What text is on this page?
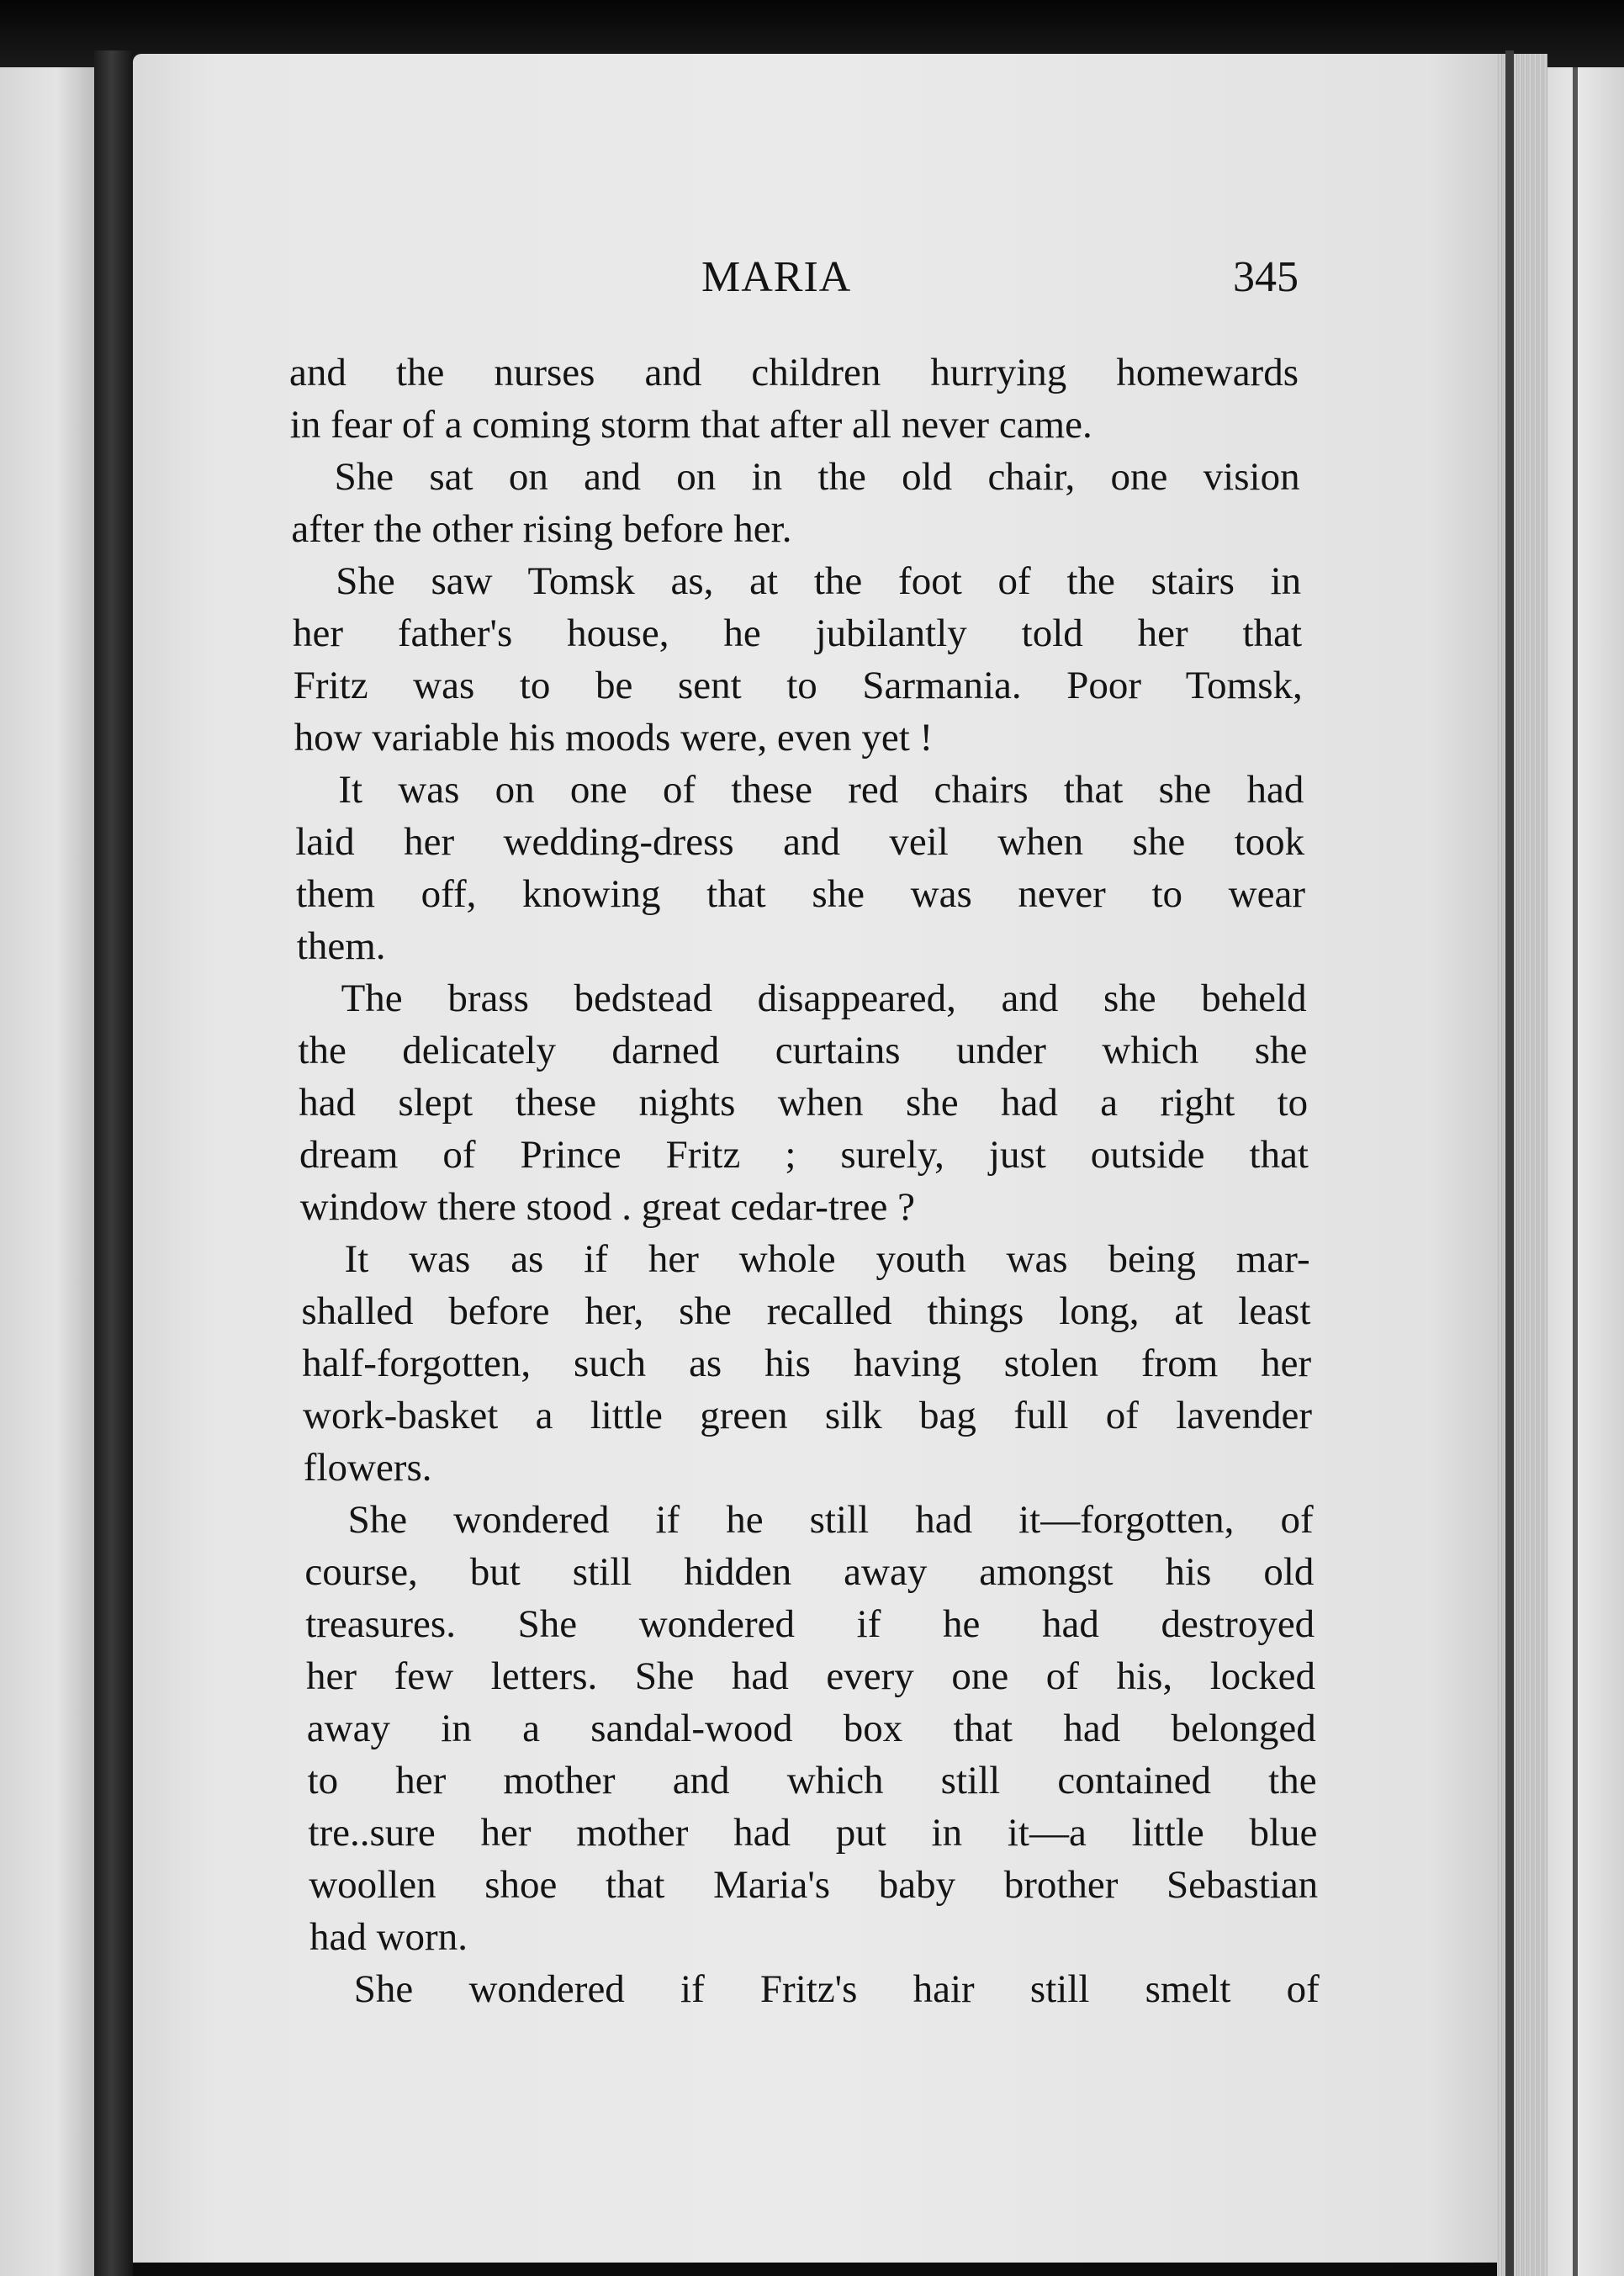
MARIA	345
and the nurses and children hurrying homewards
in fear of a coming storm that after all never came.
She sat on and on in the old chair, one vision
after the other rising before her.
She saw Tomsk as, at the foot of the stairs in
her father's house, he jubilantly told her that
Fritz was to be sent to Sarmania. Poor Tomsk,
how variable his moods were, even yet !
It was on one of these red chairs that she had
laid her wedding-dress and veil when she took
them off, knowing that she was never to wear
them.
The brass bedstead disappeared, and she beheld
the delicately darned curtains under which she
had slept these nights when she had a right to
dream of Prince Fritz ; surely, just outside that
window there stood . great cedar-tree ?
It was as if her whole youth was being mar-
shalled before her, she recalled things long, at least
half-forgotten, such as his having stolen from her
work-basket a little green silk bag full of lavender
flowers.
She wondered if he still had it—forgotten, of
course, but still hidden away amongst his old
treasures. She wondered if he had destroyed
her few letters. She had every one of his, locked
away in a sandal-wood box that had belonged
to her mother and which still contained the
tre..sure her mother had put in it—a little blue
woollen shoe that Maria's baby brother Sebastian
had worn.
She wondered if Fritz's hair still smelt of
